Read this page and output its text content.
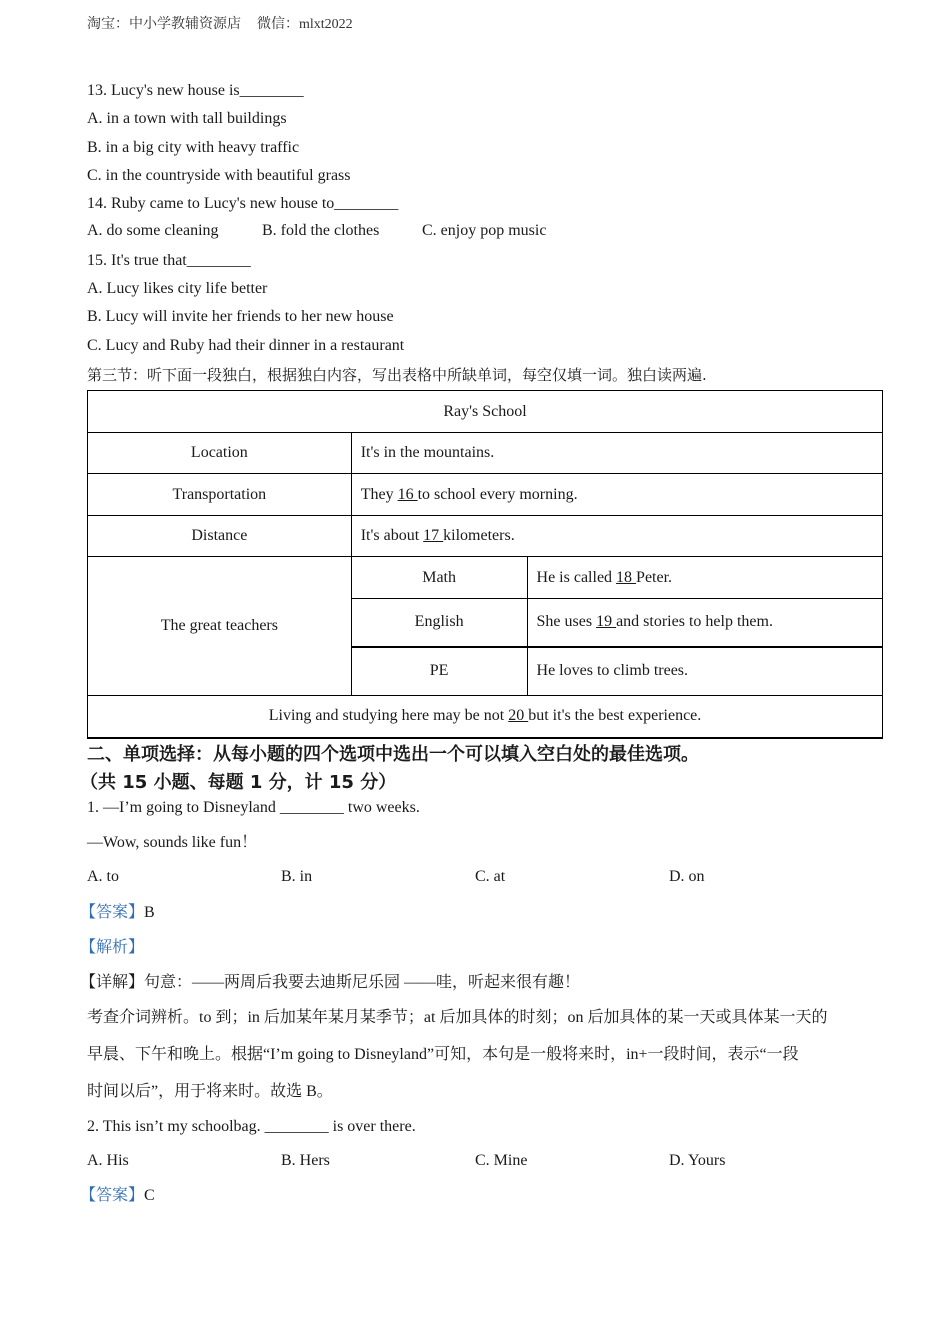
淘宝：中小学教辅资源店 微信：mlxt2022
13. Lucy's new house is________
A. in a town with tall buildings
B. in a big city with heavy traffic
C. in the countryside with beautiful grass
14. Ruby came to Lucy's new house to________
A. do some cleaning	B. fold the clothes	C. enjoy pop music
15. It's true that________
A. Lucy likes city life better
B. Lucy will invite her friends to her new house
C. Lucy and Ruby had their dinner in a restaurant
第三节：听下面一段独白，根据独白内容，写出表格中所缺单词，每空仅填一词。独白读两遍.
Ray's School		
Location	It's in the mountains.	
Transportation	They 16 to school every morning.	
Distance	It's about 17 kilometers.	
The great teachers	Math	He is called 18 Peter.
	English	She uses 19 and stories to help them.
	PE	He loves to climb trees.
Living and studying here may be not 20 but it's the best experience.		
二、单项选择：从每小题的四个选项中选出一个可以填入空白处的最佳选项。
（共 15 小题、每题 1 分，计 15 分）
1. —I’m going to Disneyland ________ two weeks.
—Wow, sounds like fun！
A. to	B. in	C. at	D. on
【答案】B
【解析】
【详解】句意：——两周后我要去迪斯尼乐园 ——哇，听起来很有趣！
考查介词辨析。to 到；in 后加某年某月某季节；at 后加具体的时刻；on 后加具体的某一天或具体某一天的
早晨、下午和晚上。根据“I’m going to Disneyland”可知，本句是一般将来时，in+一段时间，表示“一段
时间以后”，用于将来时。故选 B。
2. This isn’t my schoolbag. ________ is over there.
A. His	B. Hers	C. Mine	D. Yours
【答案】C
